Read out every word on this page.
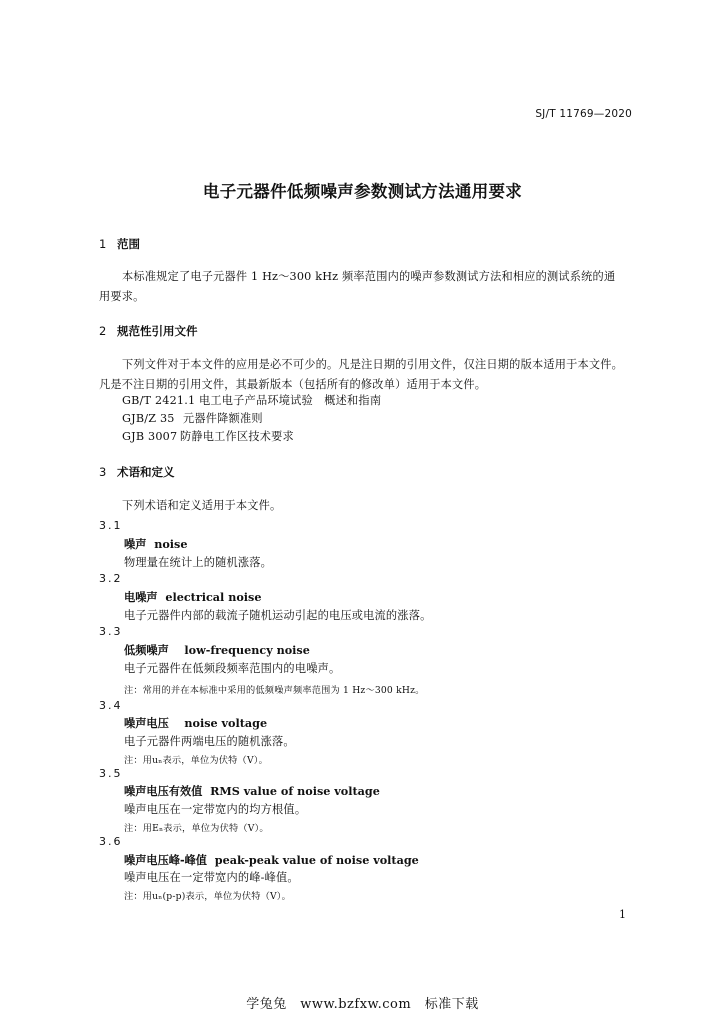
SJ/T 11769—2020
电子元器件低频噪声参数测试方法通用要求
1 范围
本标准规定了电子元器件 1 Hz～300 kHz 频率范围内的噪声参数测试方法和相应的测试系统的通
用要求。
2 规范性引用文件
下列文件对于本文件的应用是必不可少的。凡是注日期的引用文件，仅注日期的版本适用于本文件。
凡是不注日期的引用文件，其最新版本（包括所有的修改单）适用于本文件。
GB/T 2421.1 电工电子产品环境试验　概述和指南
GJB/Z 35 元器件降额准则
GJB 3007 防静电工作区技术要求
3 术语和定义
下列术语和定义适用于本文件。
3.1
噪声 noise
物理量在统计上的随机涨落。
3.2
电噪声 electrical noise
电子元器件内部的载流子随机运动引起的电压或电流的涨落。
3.3
低频噪声 low-frequency noise
电子元器件在低频段频率范围内的电噪声。
注：常用的并在本标准中采用的低频噪声频率范围为 1 Hz～300 kHz。
3.4
噪声电压 noise voltage
电子元器件两端电压的随机涨落。
注：用uₙ表示，单位为伏特（V）。
3.5
噪声电压有效值 RMS value of noise voltage
噪声电压在一定带宽内的均方根值。
注：用Eₙ表示，单位为伏特（V）。
3.6
噪声电压峰-峰值 peak-peak value of noise voltage
噪声电压在一定带宽内的峰-峰值。
注：用uₙ(p-p)表示，单位为伏特（V）。
1
学兔兔　www.bzfxw.com　标准下载
